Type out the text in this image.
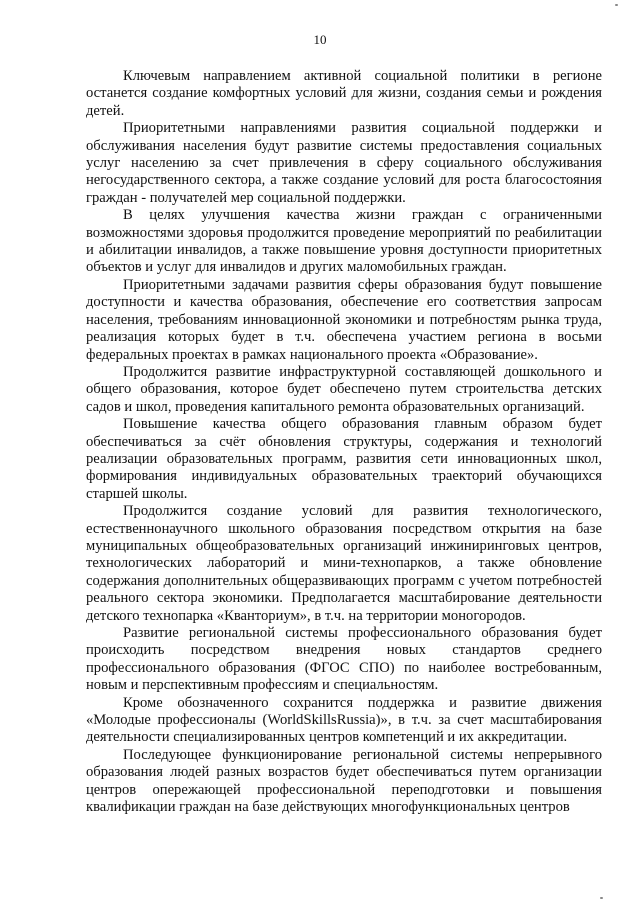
10

Ключевым направлением активной социальной политики в регионе останется создание комфортных условий для жизни, создания семьи и рождения детей.

Приоритетными направлениями развития социальной поддержки и обслуживания населения будут развитие системы предоставления социальных услуг населению за счет привлечения в сферу социального обслуживания негосударственного сектора, а также создание условий для роста благосостояния граждан - получателей мер социальной поддержки.

В целях улучшения качества жизни граждан с ограниченными возможностями здоровья продолжится проведение мероприятий по реабилитации и абилитации инвалидов, а также повышение уровня доступности приоритетных объектов и услуг для инвалидов и других маломобильных граждан.

Приоритетными задачами развития сферы образования будут повышение доступности и качества образования, обеспечение его соответствия запросам населения, требованиям инновационной экономики и потребностям рынка труда, реализация которых будет в т.ч. обеспечена участием региона в восьми федеральных проектах в рамках национального проекта «Образование».

Продолжится развитие инфраструктурной составляющей дошкольного и общего образования, которое будет обеспечено путем строительства детских садов и школ, проведения капитального ремонта образовательных организаций.

Повышение качества общего образования главным образом будет обеспечиваться за счёт обновления структуры, содержания и технологий реализации образовательных программ, развития сети инновационных школ, формирования индивидуальных образовательных траекторий обучающихся старшей школы.

Продолжится создание условий для развития технологического, естественнонаучного школьного образования посредством открытия на базе муниципальных общеобразовательных организаций инжиниринговых центров, технологических лабораторий и мини-технопарков, а также обновление содержания дополнительных общеразвивающих программ с учетом потребностей реального сектора экономики. Предполагается масштабирование деятельности детского технопарка «Кванториум», в т.ч. на территории моногородов.

Развитие региональной системы профессионального образования будет происходить посредством внедрения новых стандартов среднего профессионального образования (ФГОС СПО) по наиболее востребованным, новым и перспективным профессиям и специальностям.

Кроме обозначенного сохранится поддержка и развитие движения «Молодые профессионалы (WorldSkillsRussia)», в т.ч. за счет масштабирования деятельности специализированных центров компетенций и их аккредитации.

Последующее функционирование региональной системы непрерывного образования людей разных возрастов будет обеспечиваться путем организации центров опережающей профессиональной переподготовки и повышения квалификации граждан на базе действующих многофункциональных центров
